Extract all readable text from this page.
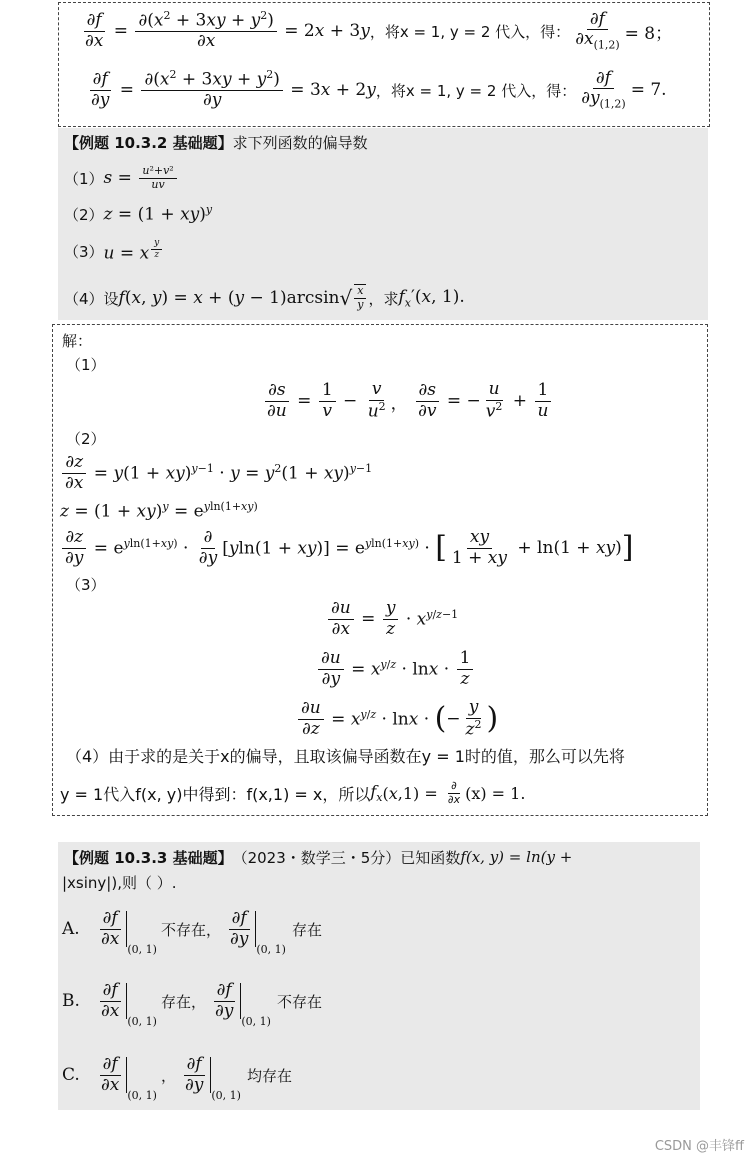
$\frac{\partial f}{\partial x} = \frac{\partial(x^2 + 3xy + y^2)}{\partial x} = 2x + 3y$ ，将x = 1, y = 2 代入，得： $\frac{\partial f}{\partial x_{(1,2)}} = 8$；
$\frac{\partial f}{\partial y} = \frac{\partial(x^2 + 3xy + y^2)}{\partial y} = 3x + 2y$ ，将x = 1, y = 2 代入，得： $\frac{\partial f}{\partial y_{(1,2)}} = 7$.
【例题 10.3.2 基础题】 求下列函数的偏导数
（1） $s = \frac{\text{u²+v²}}{uv}$
（2） z = (1 + xy)$^y$
（3） u = x $^{\frac{y}{z}}$
（4）设 f(x, y) = x + (y − 1)arcsin √ $\frac{x}{y}$ ，求 $f_x'(x$, 1).
解：
（1）
$\frac{\partial s}{\partial u} = \frac{1}{v} - \frac{v}{u^2}$ ， $\frac{\partial s}{\partial v}$ = − $\frac{u}{v^2} + \frac{1}{u}$
（2）
$\frac{\partial z}{\partial x} = y(1 + xy)^{y-1} \cdot y = y^2(1 + xy)^{y-1}$
$z = (1 + xy)^y = e^{yln(1+xy)}$
$\frac{\partial z}{\partial y} = e^{yln(1+xy)} \cdot \frac{\partial}{\partial y} [yln(1 + xy)] = e^{yln(1+xy)}$ · [ $\frac{xy}{1 + xy} + \ln(1 + xy)$ ]
（3）
$\frac{\partial u}{\partial x} = \frac{y}{z} \cdot x^{y/z-1}$
$\frac{\partial u}{\partial y} = x^{y/z} \cdot \ln x \cdot \frac{1}{z}$
$\frac{\partial u}{\partial z} = x^{y/z} \cdot \ln x$ · ( − $\frac{y}{z^2}$ )
（4）由于求的是关于x的偏导，且取该偏导函数在y = 1时的值，那么可以先将
y = 1代入f(x, y)中得到：f(x,1) = x，所以 $f_x$ $(x,1) = \frac{\partial}{\partial x} (x) = 1$.
【例题 10.3.3 基础题】 （2023・数学三・5分）已知函数 f(x, y) = ln(y +
|xsiny|),则（ ）.
A.	$\frac{\partial f}{\partial x}$
(0, 1)
不存在， $\frac{\partial f}{\partial y}$
(0, 1)
存在
B.	$\frac{\partial f}{\partial x}$
(0, 1)
存在， $\frac{\partial f}{\partial y}$
(0, 1)
不存在
C.	$\frac{\partial f}{\partial x}$
(0, 1)
， $\frac{\partial f}{\partial y}$
(0, 1)
均存在
CSDN @丰锋ff
